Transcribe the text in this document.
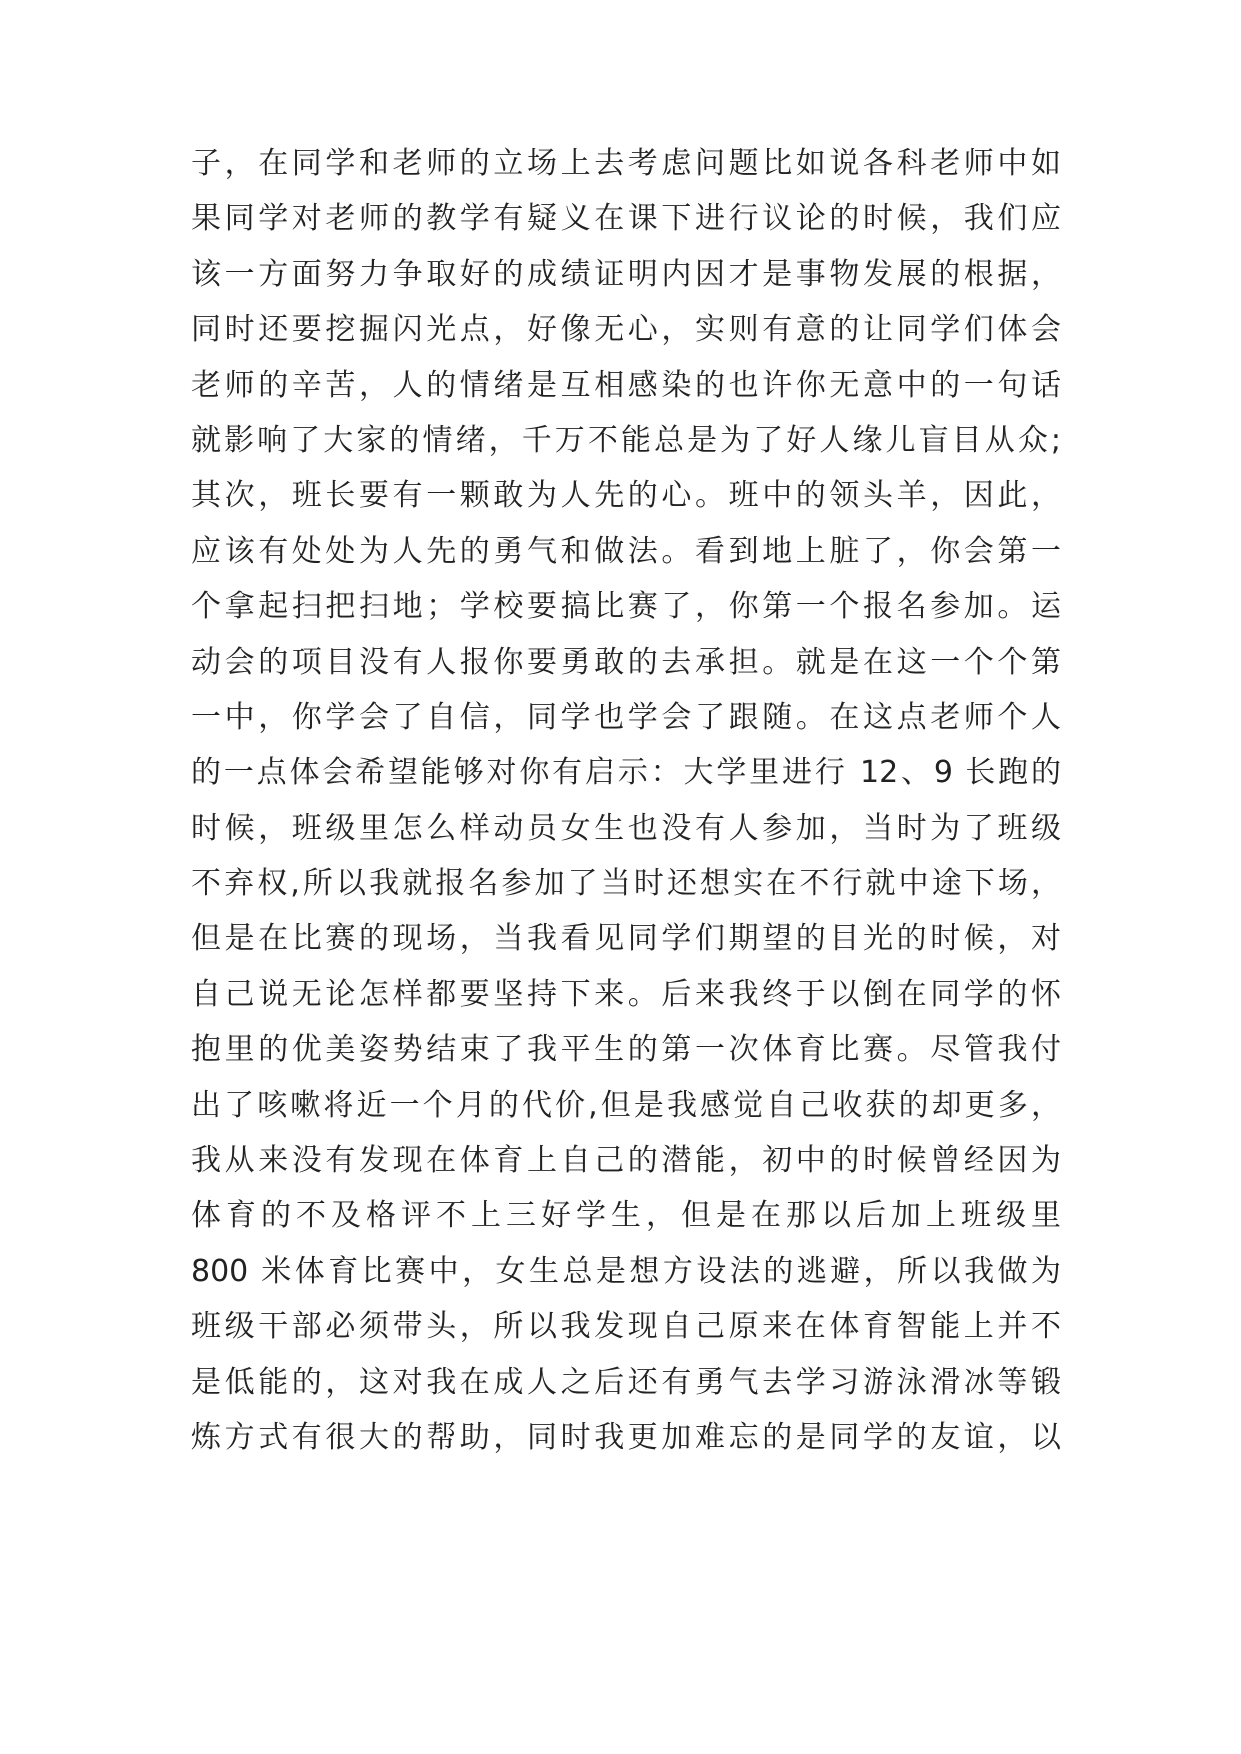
子，在同学和老师的立场上去考虑问题比如说各科老师中如
果同学对老师的教学有疑义在课下进行议论的时候，我们应
该一方面努力争取好的成绩证明内因才是事物发展的根据，
同时还要挖掘闪光点，好像无心，实则有意的让同学们体会
老师的辛苦，人的情绪是互相感染的也许你无意中的一句话
就影响了大家的情绪，千万不能总是为了好人缘儿盲目从众;
其次，班长要有一颗敢为人先的心。班中的领头羊，因此，
应该有处处为人先的勇气和做法。看到地上脏了，你会第一
个拿起扫把扫地；学校要搞比赛了，你第一个报名参加。运
动会的项目没有人报你要勇敢的去承担。就是在这一个个第
一中，你学会了自信，同学也学会了跟随。在这点老师个人
的一点体会希望能够对你有启示：大学里进行 12、9 长跑的
时候，班级里怎么样动员女生也没有人参加，当时为了班级
不弃权,所以我就报名参加了当时还想实在不行就中途下场，
但是在比赛的现场，当我看见同学们期望的目光的时候，对
自己说无论怎样都要坚持下来。后来我终于以倒在同学的怀
抱里的优美姿势结束了我平生的第一次体育比赛。尽管我付
出了咳嗽将近一个月的代价,但是我感觉自己收获的却更多，
我从来没有发现在体育上自己的潜能，初中的时候曾经因为
体育的不及格评不上三好学生，但是在那以后加上班级里
800 米体育比赛中，女生总是想方设法的逃避，所以我做为
班级干部必须带头，所以我发现自己原来在体育智能上并不
是低能的，这对我在成人之后还有勇气去学习游泳滑冰等锻
炼方式有很大的帮助，同时我更加难忘的是同学的友谊，以
